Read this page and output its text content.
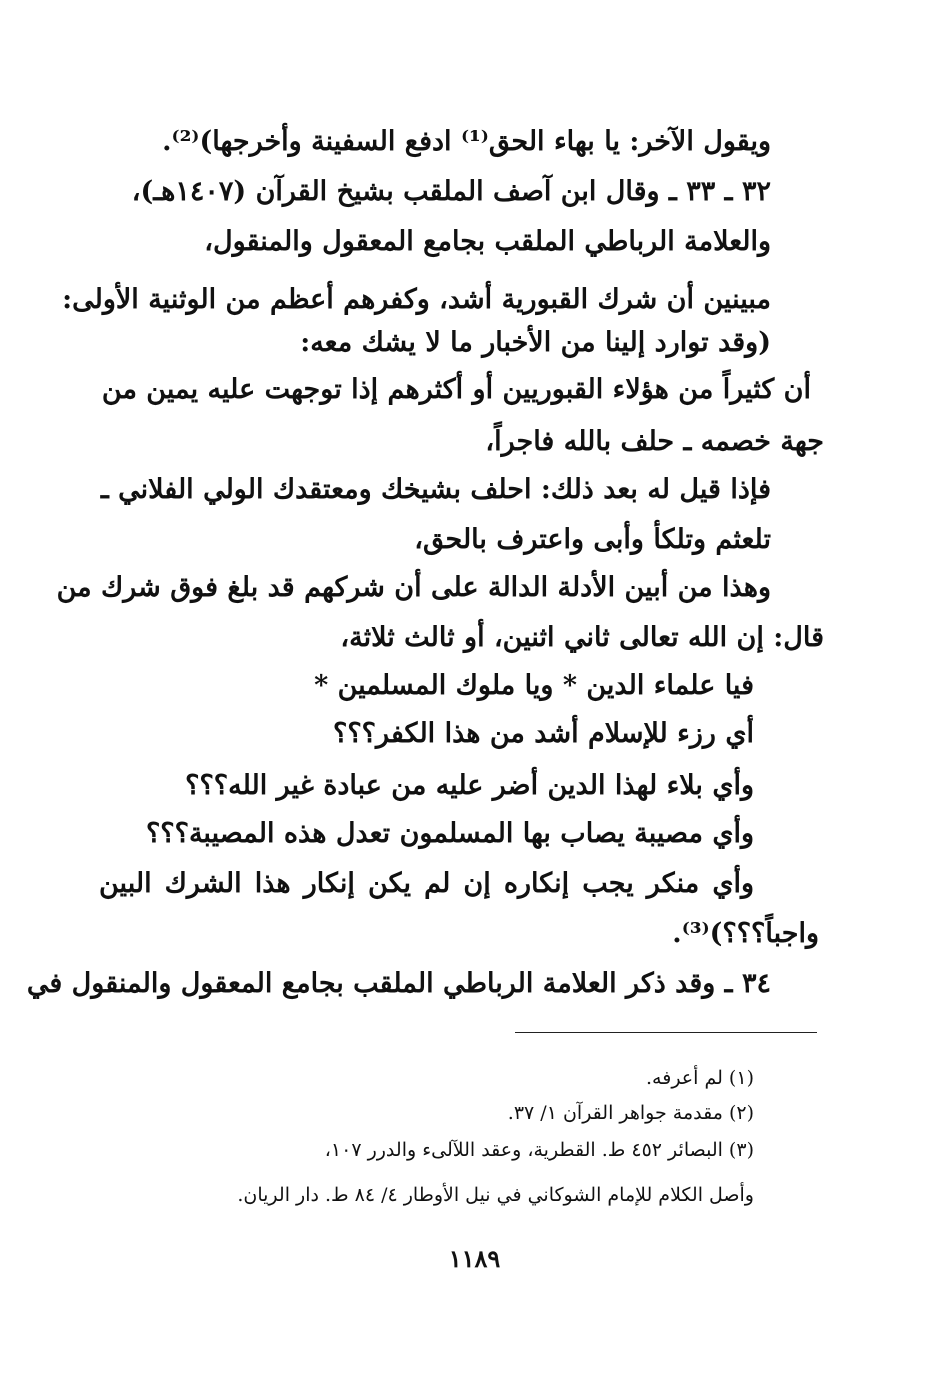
ويقول الآخر: يا بهاء الحق⁽¹⁾ ادفع السفينة وأخرجها)⁽²⁾.
٣٢ ـ ٣٣ ـ وقال ابن آصف الملقب بشيخ القرآن (١٤٠٧هـ)،
والعلامة الرباطي الملقب بجامع المعقول والمنقول،
مبينين أن شرك القبورية أشد، وكفرهم أعظم من الوثنية الأولى:
(وقد توارد إلينا من الأخبار ما لا يشك معه:
أن كثيراً من هؤلاء القبوريين أو أكثرهم إذا توجهت عليه يمين من
جهة خصمه ـ حلف بالله فاجراً،
فإذا قيل له بعد ذلك: احلف بشيخك ومعتقدك الولي الفلاني ـ
تلعثم وتلكأ وأبى واعترف بالحق،
وهذا من أبين الأدلة الدالة على أن شركهم قد بلغ فوق شرك من
قال: إن الله تعالى ثاني اثنين، أو ثالث ثلاثة،
فيا علماء الدين * ويا ملوك المسلمين *
أي رزء للإسلام أشد من هذا الكفر؟؟؟
وأي بلاء لهذا الدين أضر عليه من عبادة غير الله؟؟؟
وأي مصيبة يصاب بها المسلمون تعدل هذه المصيبة؟؟؟
وأي منكر يجب إنكاره إن لم يكن إنكار هذا الشرك البين
واجباً؟؟؟)⁽³⁾.
٣٤ ـ وقد ذكر العلامة الرباطي الملقب بجامع المعقول والمنقول في
(١) لم أعرفه.
(٢) مقدمة جواهر القرآن ١/ ٣٧.
(٣) البصائر ٤٥٢ ط. القطرية، وعقد اللآلىء والدرر ١٠٧،
وأصل الكلام للإمام الشوكاني في نيل الأوطار ٤/ ٨٤ ط. دار الريان.
١١٨٩
